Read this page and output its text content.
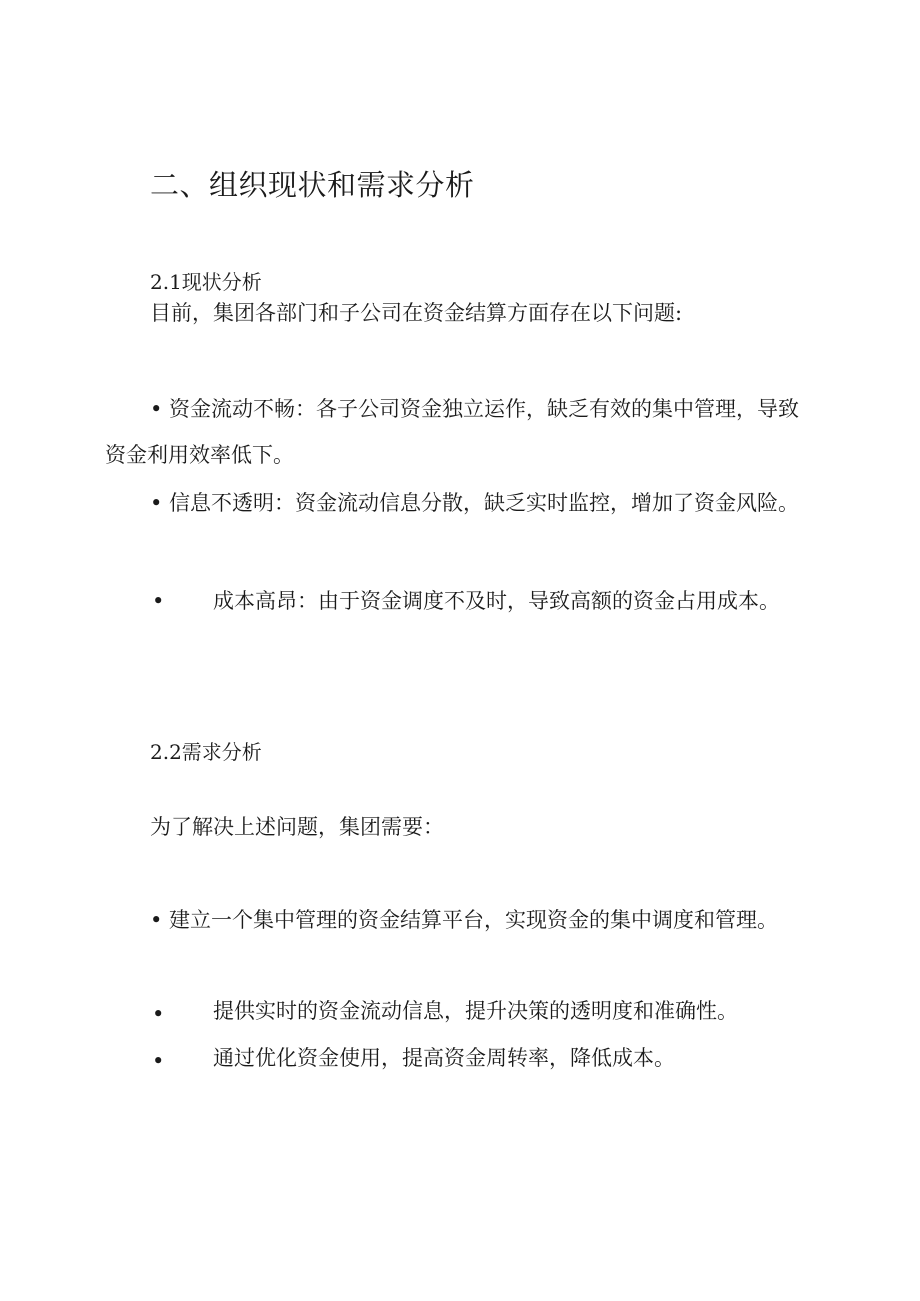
二、组织现状和需求分析
2.1现状分析
目前，集团各部门和子公司在资金结算方面存在以下问题:
• 资金流动不畅：各子公司资金独立运作，缺乏有效的集中管理，导致资金利用效率低下。
• 信息不透明：资金流动信息分散，缺乏实时监控，增加了资金风险。
•	成本高昂：由于资金调度不及时，导致高额的资金占用成本。
2.2需求分析
为了解决上述问题，集团需要：
• 建立一个集中管理的资金结算平台，实现资金的集中调度和管理。
• 提供实时的资金流动信息，提升决策的透明度和准确性。
• 通过优化资金使用，提高资金周转率，降低成本。
